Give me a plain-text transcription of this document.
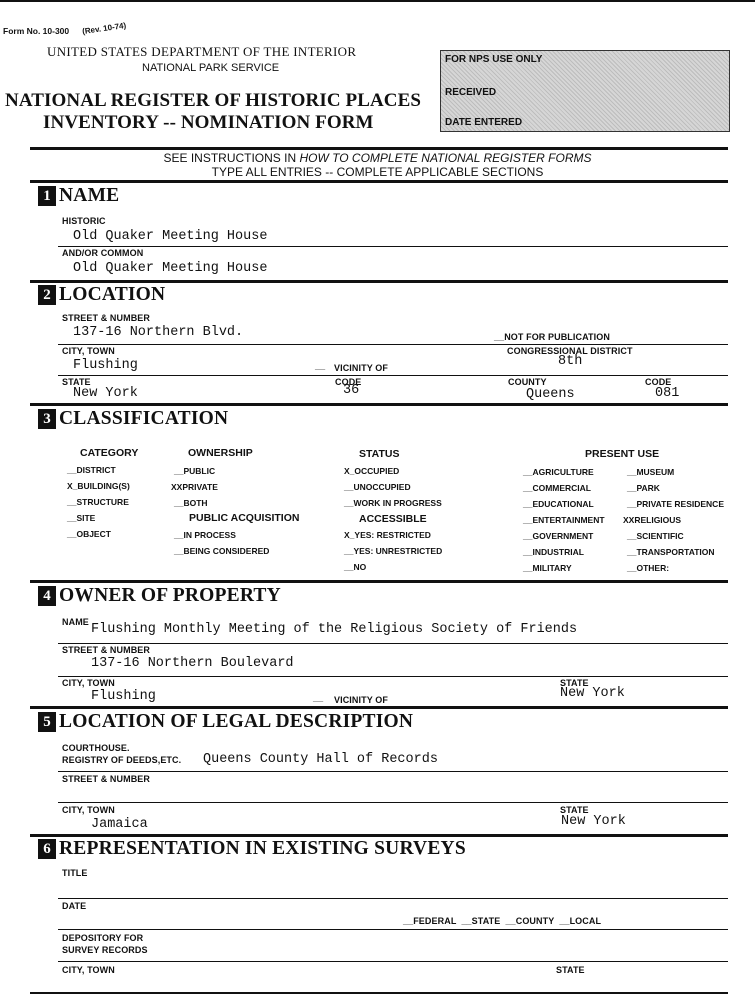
Form No. 10-300 (Rev. 10-74)
UNITED STATES DEPARTMENT OF THE INTERIOR
NATIONAL PARK SERVICE
NATIONAL REGISTER OF HISTORIC PLACES
INVENTORY -- NOMINATION FORM
FOR NPS USE ONLY
RECEIVED
DATE ENTERED
SEE INSTRUCTIONS IN HOW TO COMPLETE NATIONAL REGISTER FORMS
TYPE ALL ENTRIES -- COMPLETE APPLICABLE SECTIONS
1 NAME
HISTORIC
Old Quaker Meeting House
AND/OR COMMON
Old Quaker Meeting House
2 LOCATION
STREET & NUMBER
137-16 Northern Blvd.	__NOT FOR PUBLICATION
CITY, TOWN
Flushing	__ VICINITY OF
CONGRESSIONAL DISTRICT
8th
STATE
New York
CODE
36
COUNTY
Queens
CODE
081
3 CLASSIFICATION
CATEGORY
__DISTRICT
X_BUILDING(S)
__STRUCTURE
__SITE
__OBJECT
OWNERSHIP
__PUBLIC
XXPRIVATE
__BOTH
PUBLIC ACQUISITION
__IN PROCESS
__BEING CONSIDERED
STATUS
X_OCCUPIED
__UNOCCUPIED
__WORK IN PROGRESS
ACCESSIBLE
X_YES: RESTRICTED
__YES: UNRESTRICTED
__NO
PRESENT USE
__AGRICULTURE
__COMMERCIAL
__EDUCATIONAL
__ENTERTAINMENT
__GOVERNMENT
__INDUSTRIAL
__MILITARY
__MUSEUM
__PARK
__PRIVATE RESIDENCE
XXRELIGIOUS
__SCIENTIFIC
__TRANSPORTATION
__OTHER:
4 OWNER OF PROPERTY
NAME Flushing Monthly Meeting of the Religious Society of Friends
STREET & NUMBER
137-16 Northern Boulevard
CITY, TOWN
Flushing	__ VICINITY OF
STATE
New York
5 LOCATION OF LEGAL DESCRIPTION
COURTHOUSE.
REGISTRY OF DEEDS,ETC. Queens County Hall of Records
STREET & NUMBER
CITY, TOWN
Jamaica
STATE
New York
6 REPRESENTATION IN EXISTING SURVEYS
TITLE
DATE
__FEDERAL  __STATE  __COUNTY  __LOCAL
DEPOSITORY FOR
SURVEY RECORDS
CITY, TOWN	STATE
